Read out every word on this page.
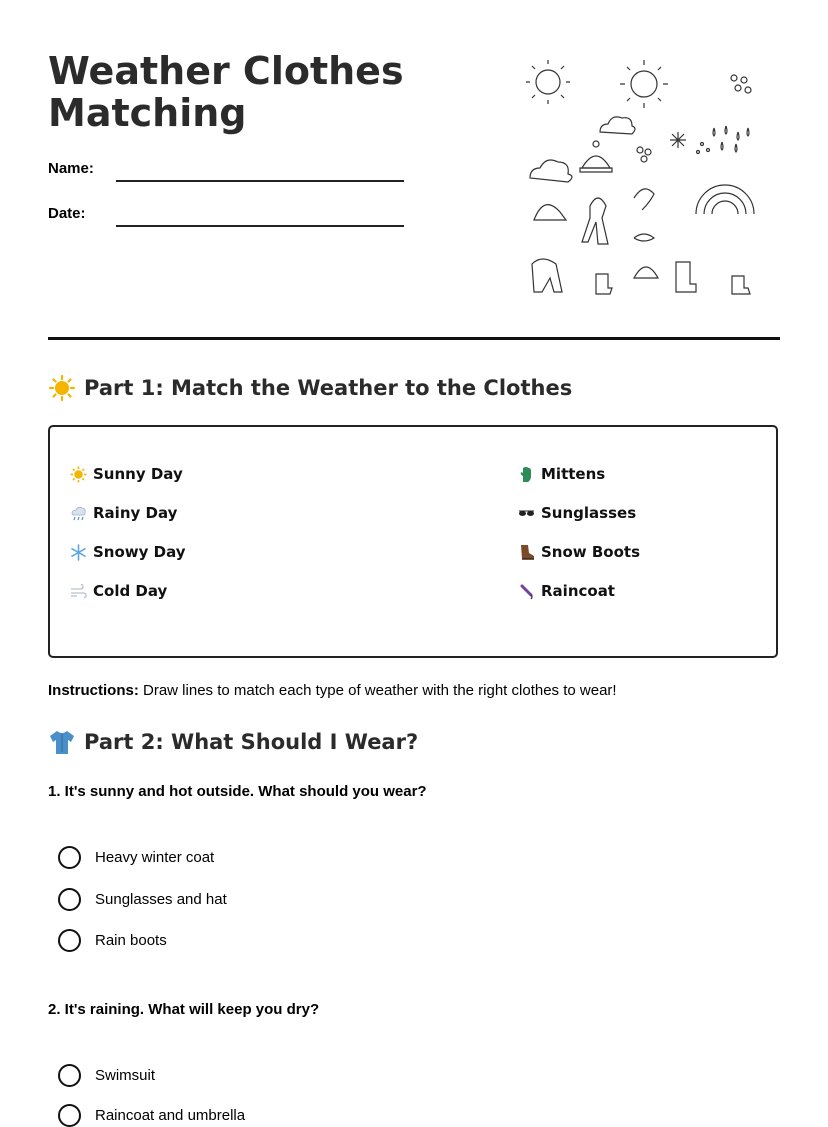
Weather Clothes
Matching
Name:
Date:
Part 1: Match the Weather to the Clothes
Sunny Day
Rainy Day
Snowy Day
Cold Day
Mittens
Sunglasses
Snow Boots
Raincoat
Instructions: Draw lines to match each type of weather with the right clothes to wear!
Part 2: What Should I Wear?
1. It's sunny and hot outside. What should you wear?
Heavy winter coat
Sunglasses and hat
Rain boots
2. It's raining. What will keep you dry?
Swimsuit
Raincoat and umbrella
